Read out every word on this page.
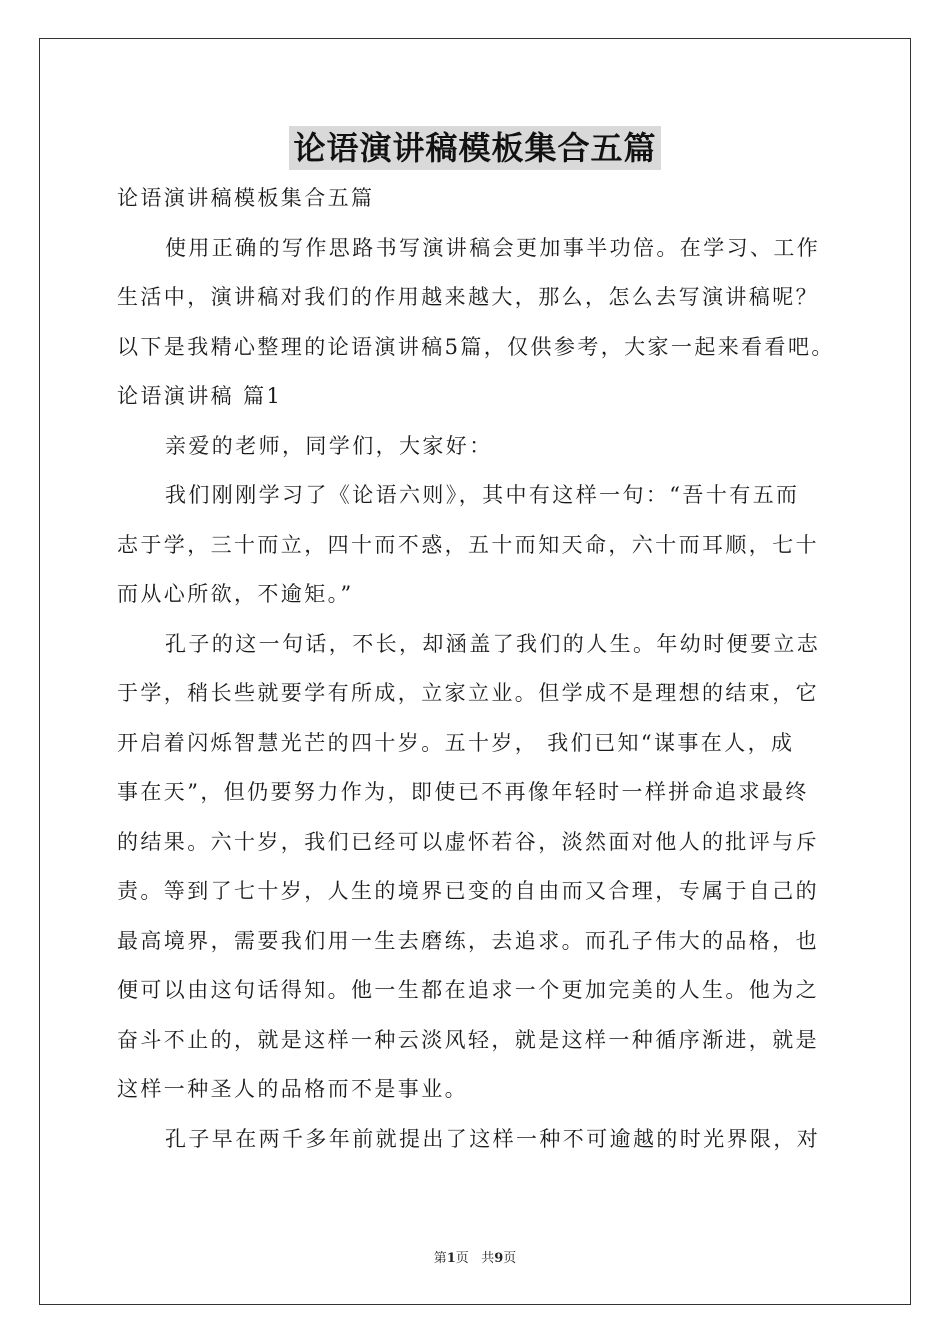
论语演讲稿模板集合五篇
论语演讲稿模板集合五篇
使用正确的写作思路书写演讲稿会更加事半功倍。在学习、工作
生活中，演讲稿对我们的作用越来越大，那么，怎么去写演讲稿呢？
以下是我精心整理的论语演讲稿5篇，仅供参考，大家一起来看看吧。
论语演讲稿 篇1
亲爱的老师，同学们，大家好：
我们刚刚学习了《论语六则》，其中有这样一句：“吾十有五而
志于学，三十而立，四十而不惑，五十而知天命，六十而耳顺，七十
而从心所欲，不逾矩。”
孔子的这一句话，不长，却涵盖了我们的人生。年幼时便要立志
于学，稍长些就要学有所成，立家立业。但学成不是理想的结束，它
开启着闪烁智慧光芒的四十岁。五十岁， 我们已知“谋事在人，成
事在天”，但仍要努力作为，即使已不再像年轻时一样拼命追求最终
的结果。六十岁，我们已经可以虚怀若谷，淡然面对他人的批评与斥
责。等到了七十岁，人生的境界已变的自由而又合理，专属于自己的
最高境界，需要我们用一生去磨练，去追求。而孔子伟大的品格，也
便可以由这句话得知。他一生都在追求一个更加完美的人生。他为之
奋斗不止的，就是这样一种云淡风轻，就是这样一种循序渐进，就是
这样一种圣人的品格而不是事业。
孔子早在两千多年前就提出了这样一种不可逾越的时光界限，对
第1页 共9页
